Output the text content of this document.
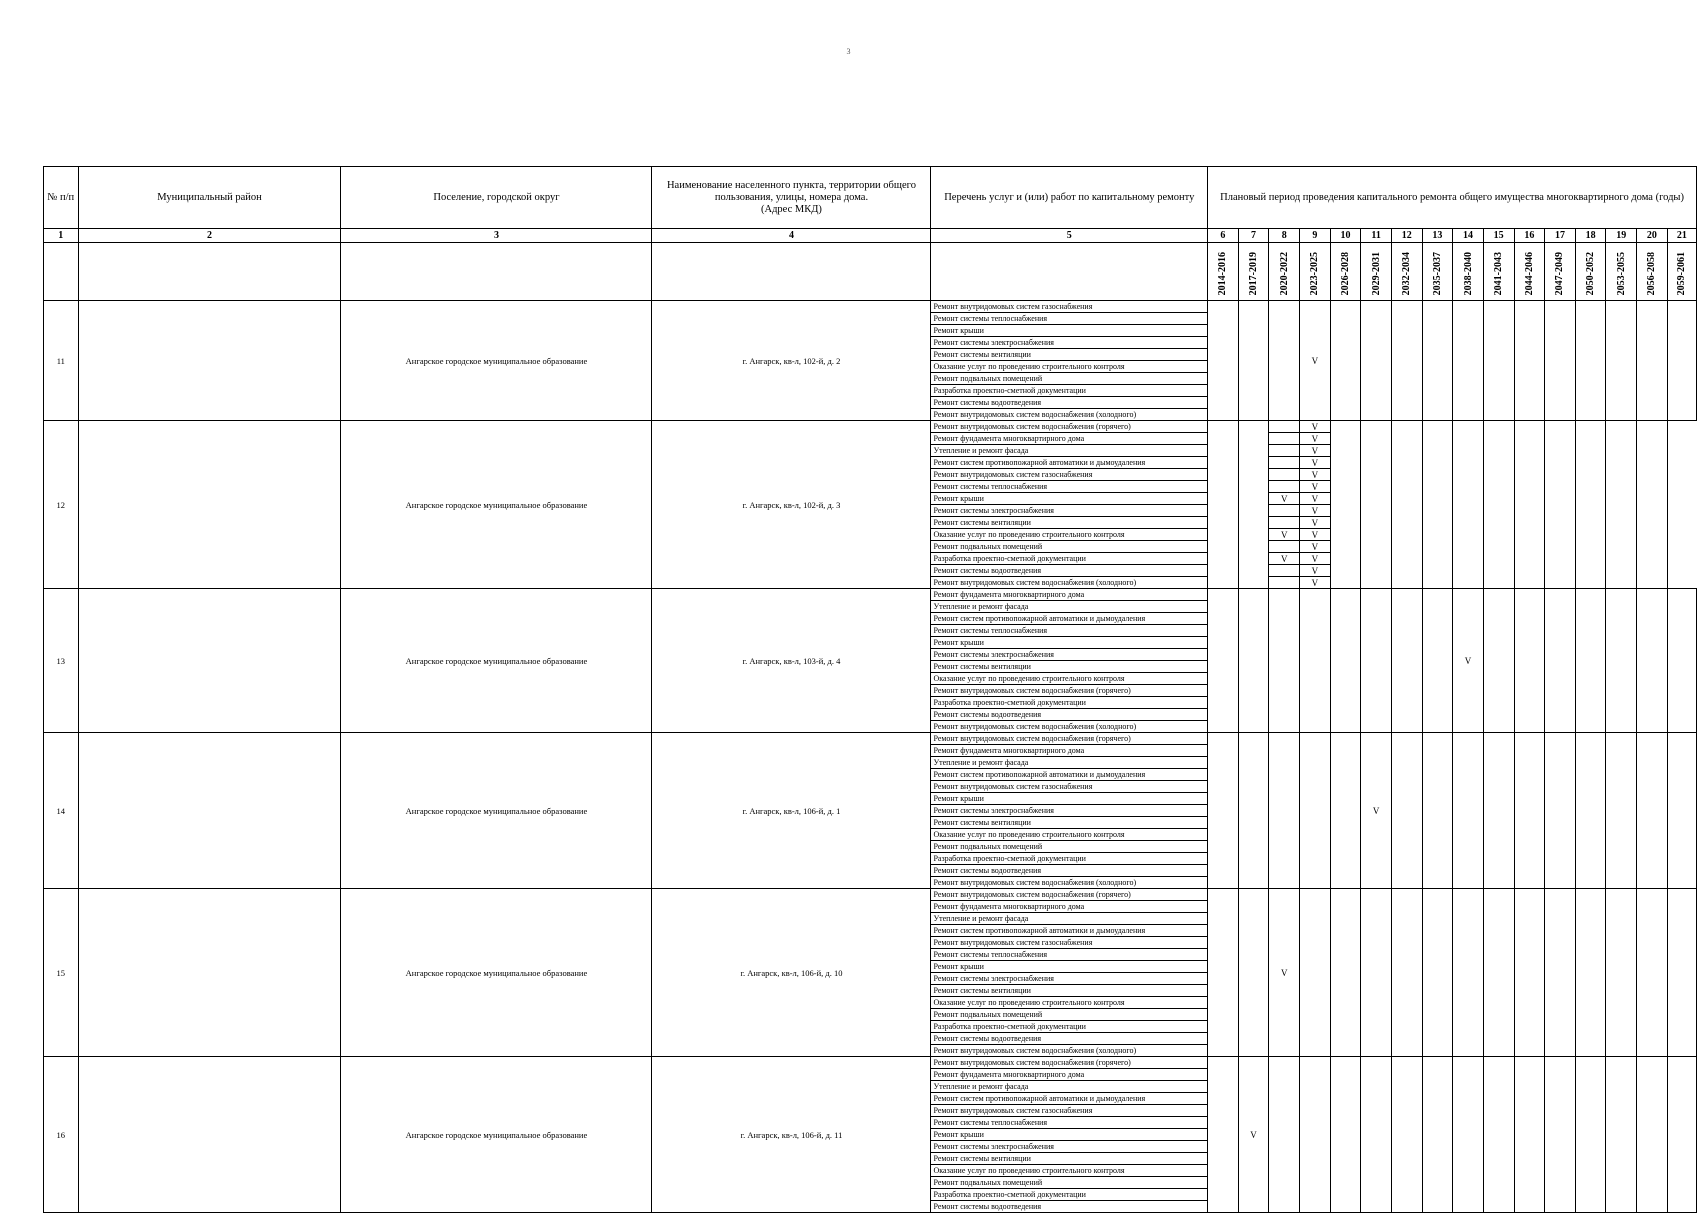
3
№ п/п	Муниципальный район	Поселение, городской округ	Наименование населенного пункта, территории общего пользования, улицы, номера дома.
(Адрес МКД)	Перечень услуг и (или) работ по капитальному ремонту	Плановый период проведения капитального ремонта общего имущества многоквартирного дома (годы)															
1	2	3	4	5	6	7	8	9	10	11	12	13	14	15	16	17	18	19	20	21
					2014-2016	2017-2019	2020-2022	2023-2025	2026-2028	2029-2031	2032-2034	2035-2037	2038-2040	2041-2043	2044-2046	2047-2049	2050-2052	2053-2055	2056-2058	2059-2061
11		Ангарское городское муниципальное образование	г. Ангарск, кв-л, 102-й, д. 2	Ремонт внутридомовых систем газоснабжения				V												
				Ремонт системы теплоснабжения																
				Ремонт крыши																
				Ремонт системы электроснабжения																
				Ремонт системы вентиляции																
				Оказание услуг по проведению строительного контроля																
				Ремонт подвальных помещений																
				Разработка проектно-сметной документации																
				Ремонт системы водоотведения																
				Ремонт внутридомовых систем водоснабжения (холодного)																
12		Ангарское городское муниципальное образование	г. Ангарск, кв-л, 102-й, д. 3	Ремонт внутридомовых систем водоснабжения (горячего)				V												
				Ремонт фундамента многоквартирного дома				V												
				Утепление и ремонт фасада				V												
				Ремонт систем противопожарной автоматики и дымоудаления				V												
				Ремонт внутридомовых систем газоснабжения				V												
				Ремонт системы теплоснабжения				V												
				Ремонт крыши			V	V												
				Ремонт системы электроснабжения				V												
				Ремонт системы вентиляции				V												
				Оказание услуг по проведению строительного контроля			V	V												
				Ремонт подвальных помещений				V												
				Разработка проектно-сметной документации			V	V												
				Ремонт системы водоотведения				V												
				Ремонт внутридомовых систем водоснабжения (холодного)				V												
13		Ангарское городское муниципальное образование	г. Ангарск, кв-л, 103-й, д. 4	Ремонт фундамента многоквартирного дома									V							
				Утепление и ремонт фасада																
				Ремонт систем противопожарной автоматики и дымоудаления																
				Ремонт системы теплоснабжения																
				Ремонт крыши																
				Ремонт системы электроснабжения																
				Ремонт системы вентиляции																
				Оказание услуг по проведению строительного контроля																
				Ремонт внутридомовых систем водоснабжения (горячего)																
				Разработка проектно-сметной документации																
				Ремонт системы водоотведения																
				Ремонт внутридомовых систем водоснабжения (холодного)																
14		Ангарское городское муниципальное образование	г. Ангарск, кв-л, 106-й, д. 1	Ремонт внутридомовых систем водоснабжения (горячего)						V										
				Ремонт фундамента многоквартирного дома																
				Утепление и ремонт фасада																
				Ремонт систем противопожарной автоматики и дымоудаления																
				Ремонт внутридомовых систем газоснабжения																
				Ремонт крыши																
				Ремонт системы электроснабжения																
				Ремонт системы вентиляции																
				Оказание услуг по проведению строительного контроля																
				Ремонт подвальных помещений																
				Разработка проектно-сметной документации																
				Ремонт системы водоотведения																
				Ремонт внутридомовых систем водоснабжения (холодного)																
15		Ангарское городское муниципальное образование	г. Ангарск, кв-л, 106-й, д. 10	Ремонт внутридомовых систем водоснабжения (горячего)			V													
				Ремонт фундамента многоквартирного дома																
				Утепление и ремонт фасада																
				Ремонт систем противопожарной автоматики и дымоудаления																
				Ремонт внутридомовых систем газоснабжения																
				Ремонт системы теплоснабжения																
				Ремонт крыши																
				Ремонт системы электроснабжения																
				Ремонт системы вентиляции																
				Оказание услуг по проведению строительного контроля																
				Ремонт подвальных помещений																
				Разработка проектно-сметной документации																
				Ремонт системы водоотведения																
				Ремонт внутридомовых систем водоснабжения (холодного)																
16		Ангарское городское муниципальное образование	г. Ангарск, кв-л, 106-й, д. 11	Ремонт внутридомовых систем водоснабжения (горячего)		V														
				Ремонт фундамента многоквартирного дома																
				Утепление и ремонт фасада																
				Ремонт систем противопожарной автоматики и дымоудаления																
				Ремонт внутридомовых систем газоснабжения																
				Ремонт системы теплоснабжения																
				Ремонт крыши																
				Ремонт системы электроснабжения																
				Ремонт системы вентиляции																
				Оказание услуг по проведению строительного контроля																
				Ремонт подвальных помещений																
				Разработка проектно-сметной документации																
				Ремонт системы водоотведения																
